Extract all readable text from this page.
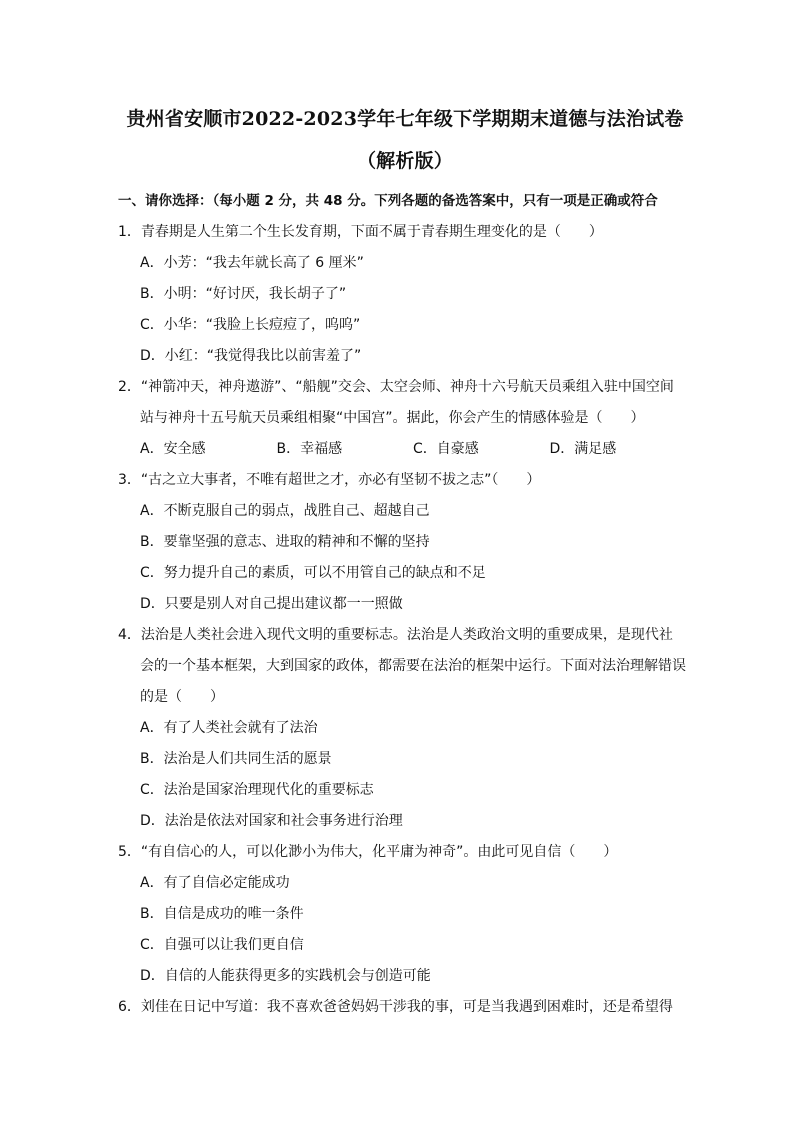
贵州省安顺市2022-2023学年七年级下学期期末道德与法治试卷
（解析版）
一、请你选择：（每小题 2 分，共 48 分。下列各题的备选答案中，只有一项是正确或符合
1．青春期是人生第二个生长发育期，下面不属于青春期生理变化的是（　　）
A．小芳：“我去年就长高了 6 厘米”
B．小明：“好讨厌，我长胡子了”
C．小华：“我脸上长痘痘了，呜呜”
D．小红：“我觉得我比以前害羞了”
2．“神箭冲天，神舟遨游”、“船舰”交会、太空会师、神舟十六号航天员乘组入驻中国空间站与神舟十五号航天员乘组相聚“中国宫”。据此，你会产生的情感体验是（　　）
A．安全感	B．幸福感	C．自豪感	D．满足感
3．“古之立大事者，不唯有超世之才，亦必有坚韧不拔之志”（　　）
A．不断克服自己的弱点，战胜自己、超越自己
B．要靠坚强的意志、进取的精神和不懈的坚持
C．努力提升自己的素质，可以不用管自己的缺点和不足
D．只要是别人对自己提出建议都一一照做
4．法治是人类社会进入现代文明的重要标志。法治是人类政治文明的重要成果，是现代社会的一个基本框架，大到国家的政体，都需要在法治的框架中运行。下面对法治理解错误的是（　　）
A．有了人类社会就有了法治
B．法治是人们共同生活的愿景
C．法治是国家治理现代化的重要标志
D．法治是依法对国家和社会事务进行治理
5．“有自信心的人，可以化渺小为伟大，化平庸为神奇”。由此可见自信（　　）
A．有了自信必定能成功
B．自信是成功的唯一条件
C．自强可以让我们更自信
D．自信的人能获得更多的实践机会与创造可能
6．刘佳在日记中写道：我不喜欢爸爸妈妈干涉我的事，可是当我遇到困难时，还是希望得
